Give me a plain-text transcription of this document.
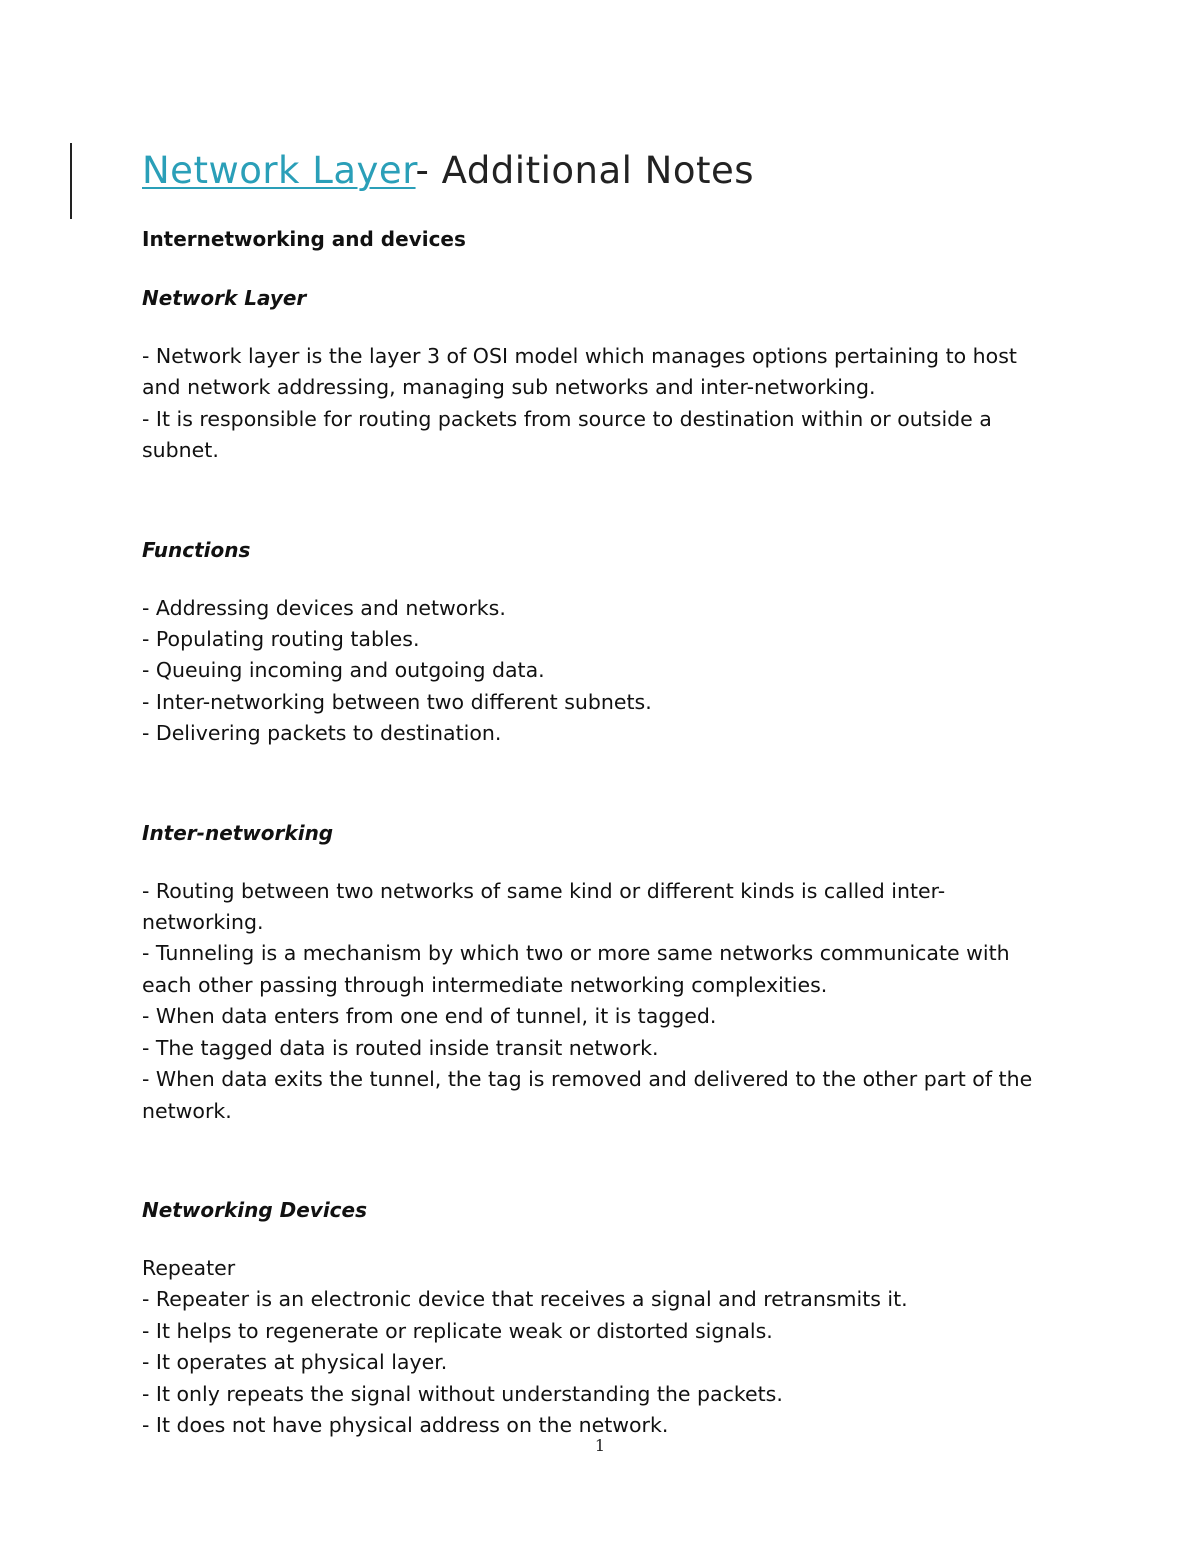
Network Layer- Additional Notes
Internetworking and devices
Network Layer
- Network layer is the layer 3 of OSI model which manages options pertaining to host
and network addressing, managing sub networks and inter-networking.
- It is responsible for routing packets from source to destination within or outside a
subnet.
Functions
- Addressing devices and networks.
- Populating routing tables.
- Queuing incoming and outgoing data.
- Inter-networking between two different subnets.
- Delivering packets to destination.
Inter-networking
- Routing between two networks of same kind or different kinds is called inter-
networking.
- Tunneling is a mechanism by which two or more same networks communicate with
each other passing through intermediate networking complexities.
- When data enters from one end of tunnel, it is tagged.
- The tagged data is routed inside transit network.
- When data exits the tunnel, the tag is removed and delivered to the other part of the
network.
Networking Devices
Repeater
- Repeater is an electronic device that receives a signal and retransmits it.
- It helps to regenerate or replicate weak or distorted signals.
- It operates at physical layer.
- It only repeats the signal without understanding the packets.
- It does not have physical address on the network.
1
